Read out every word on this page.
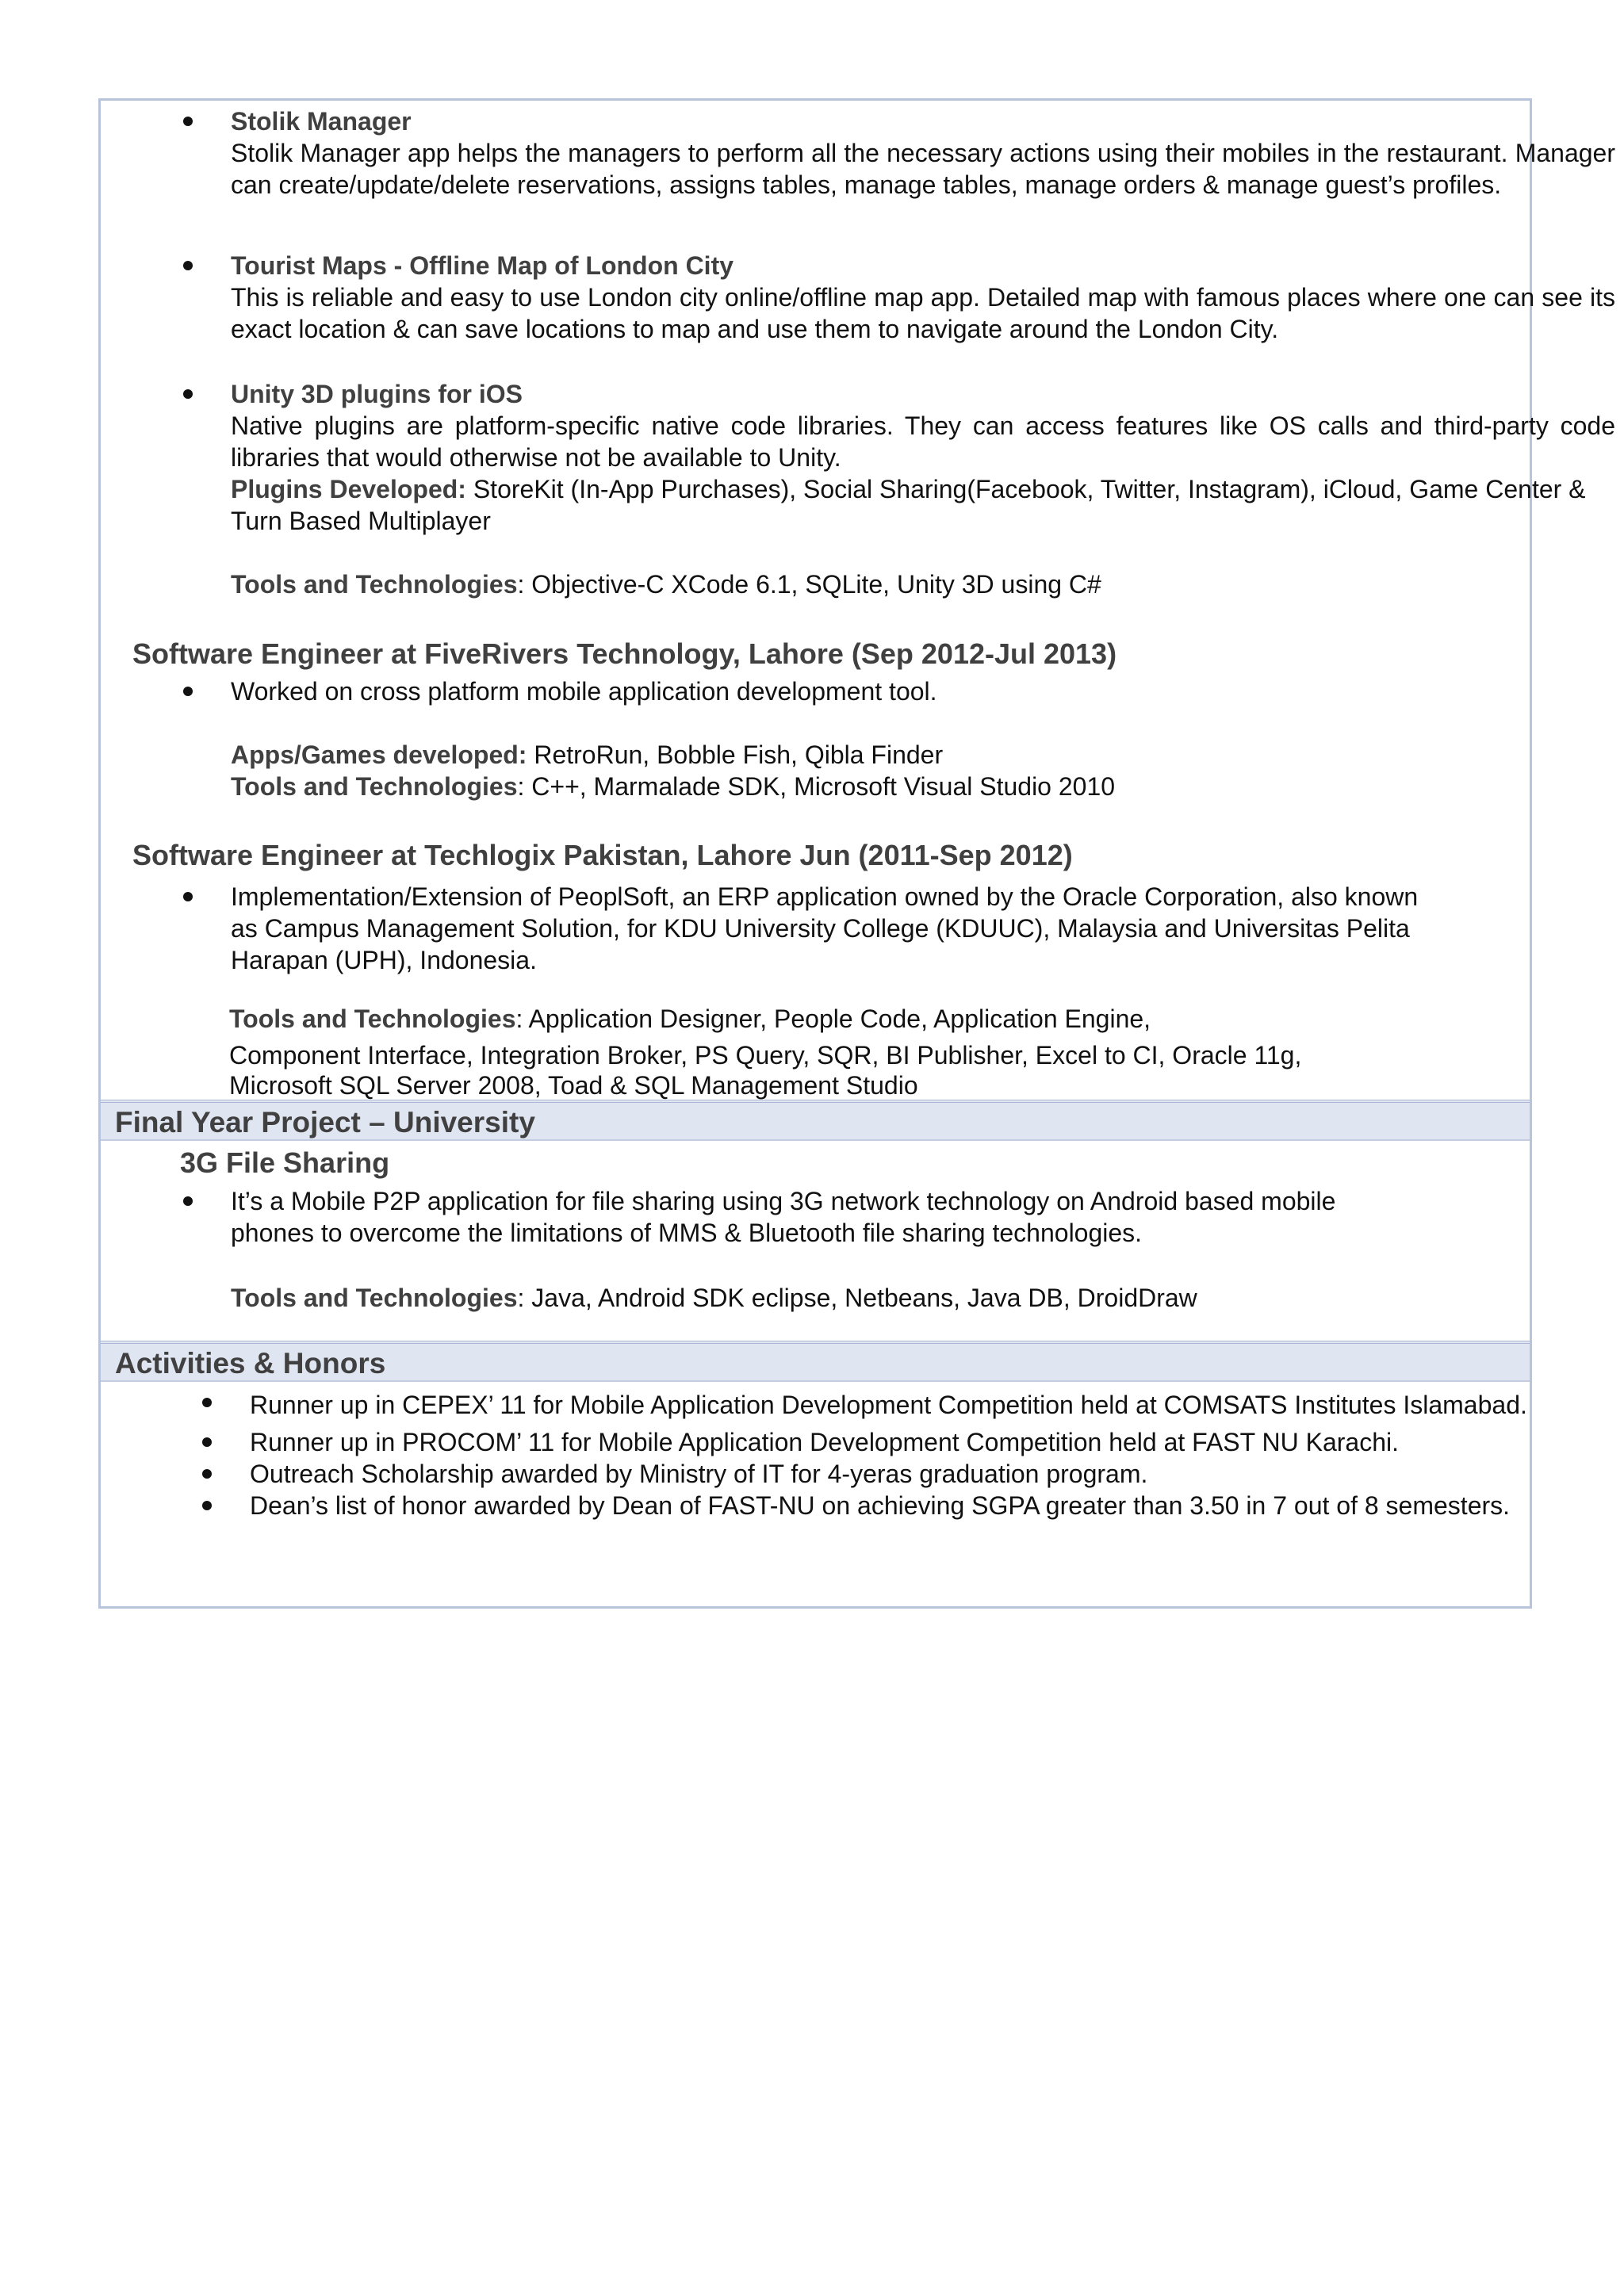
Stolik Manager

Stolik Manager app helps the managers to perform all the necessary actions using their mobiles in the restaurant. Manager can create/update/delete reservations, assigns tables, manage tables, manage orders & manage guest’s profiles.

Tourist Maps - Offline Map of London City

This is reliable and easy to use London city online/offline map app. Detailed map with famous places where one can see its exact location & can save locations to map and use them to navigate around the London City.

Unity 3D plugins for iOS

Native plugins are platform-specific native code libraries. They can access features like OS calls and third-party code libraries that would otherwise not be available to Unity.

Plugins Developed: StoreKit (In-App Purchases), Social Sharing(Facebook, Twitter, Instagram), iCloud, Game Center & Turn Based Multiplayer

Tools and Technologies: Objective-C XCode 6.1, SQLite, Unity 3D using C#

Software Engineer at FiveRivers Technology, Lahore (Sep 2012-Jul 2013)

Worked on cross platform mobile application development tool.

Apps/Games developed: RetroRun, Bobble Fish, Qibla Finder

Tools and Technologies: C++, Marmalade SDK, Microsoft Visual Studio 2010

Software Engineer at Techlogix Pakistan, Lahore Jun (2011-Sep 2012)

Implementation/Extension of PeoplSoft, an ERP application owned by the Oracle Corporation, also known

as Campus Management Solution, for KDU University College (KDUUC), Malaysia and Universitas Pelita

Harapan (UPH), Indonesia.

Tools and Technologies: Application Designer, People Code, Application Engine,

Component Interface, Integration Broker, PS Query, SQR, BI Publisher, Excel to CI, Oracle 11g,

Microsoft SQL Server 2008, Toad & SQL Management Studio

Final Year Project – University

3G File Sharing

It’s a Mobile P2P application for file sharing using 3G network technology on Android based mobile

phones to overcome the limitations of MMS & Bluetooth file sharing technologies.

Tools and Technologies: Java, Android SDK eclipse, Netbeans, Java DB, DroidDraw

Activities & Honors

Runner up in CEPEX’ 11 for Mobile Application Development Competition held at COMSATS Institutes Islamabad.

Runner up in PROCOM’ 11 for Mobile Application Development Competition held at FAST NU Karachi.

Outreach Scholarship awarded by Ministry of IT for 4-yeras graduation program.

Dean’s list of honor awarded by Dean of FAST-NU on achieving SGPA greater than 3.50 in 7 out of 8 semesters.
